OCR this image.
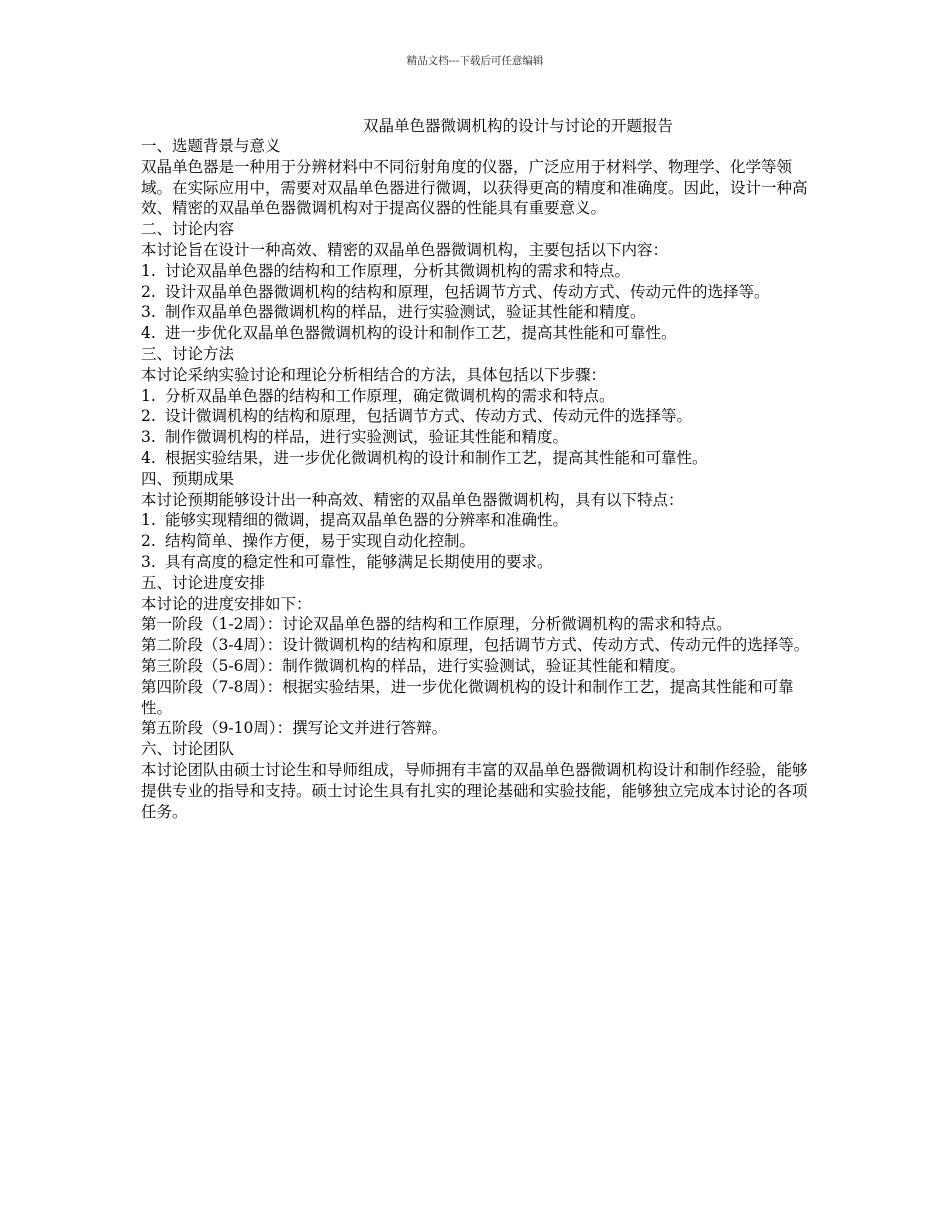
精品文档---下载后可任意编辑
双晶单色器微调机构的设计与讨论的开题报告

一、选题背景与意义

双晶单色器是一种用于分辨材料中不同衍射角度的仪器，广泛应用于材料学、物理学、化学等领域。在实际应用中，需要对双晶单色器进行微调，以获得更高的精度和准确度。因此，设计一种高效、精密的双晶单色器微调机构对于提高仪器的性能具有重要意义。

二、讨论内容

本讨论旨在设计一种高效、精密的双晶单色器微调机构，主要包括以下内容：

1. 讨论双晶单色器的结构和工作原理，分析其微调机构的需求和特点。

2. 设计双晶单色器微调机构的结构和原理，包括调节方式、传动方式、传动元件的选择等。

3. 制作双晶单色器微调机构的样品，进行实验测试，验证其性能和精度。

4. 进一步优化双晶单色器微调机构的设计和制作工艺，提高其性能和可靠性。

三、讨论方法

本讨论采纳实验讨论和理论分析相结合的方法，具体包括以下步骤：

1. 分析双晶单色器的结构和工作原理，确定微调机构的需求和特点。

2. 设计微调机构的结构和原理，包括调节方式、传动方式、传动元件的选择等。

3. 制作微调机构的样品，进行实验测试，验证其性能和精度。

4. 根据实验结果，进一步优化微调机构的设计和制作工艺，提高其性能和可靠性。

四、预期成果

本讨论预期能够设计出一种高效、精密的双晶单色器微调机构，具有以下特点：

1. 能够实现精细的微调，提高双晶单色器的分辨率和准确性。

2. 结构简单、操作方便，易于实现自动化控制。

3. 具有高度的稳定性和可靠性，能够满足长期使用的要求。

五、讨论进度安排

本讨论的进度安排如下：

第一阶段（1-2周）：讨论双晶单色器的结构和工作原理，分析微调机构的需求和特点。

第二阶段（3-4周）：设计微调机构的结构和原理，包括调节方式、传动方式、传动元件的选择等。

第三阶段（5-6周）：制作微调机构的样品，进行实验测试，验证其性能和精度。

第四阶段（7-8周）：根据实验结果，进一步优化微调机构的设计和制作工艺，提高其性能和可靠性。

第五阶段（9-10周）：撰写论文并进行答辩。

六、讨论团队

本讨论团队由硕士讨论生和导师组成，导师拥有丰富的双晶单色器微调机构设计和制作经验，能够提供专业的指导和支持。硕士讨论生具有扎实的理论基础和实验技能，能够独立完成本讨论的各项任务。
